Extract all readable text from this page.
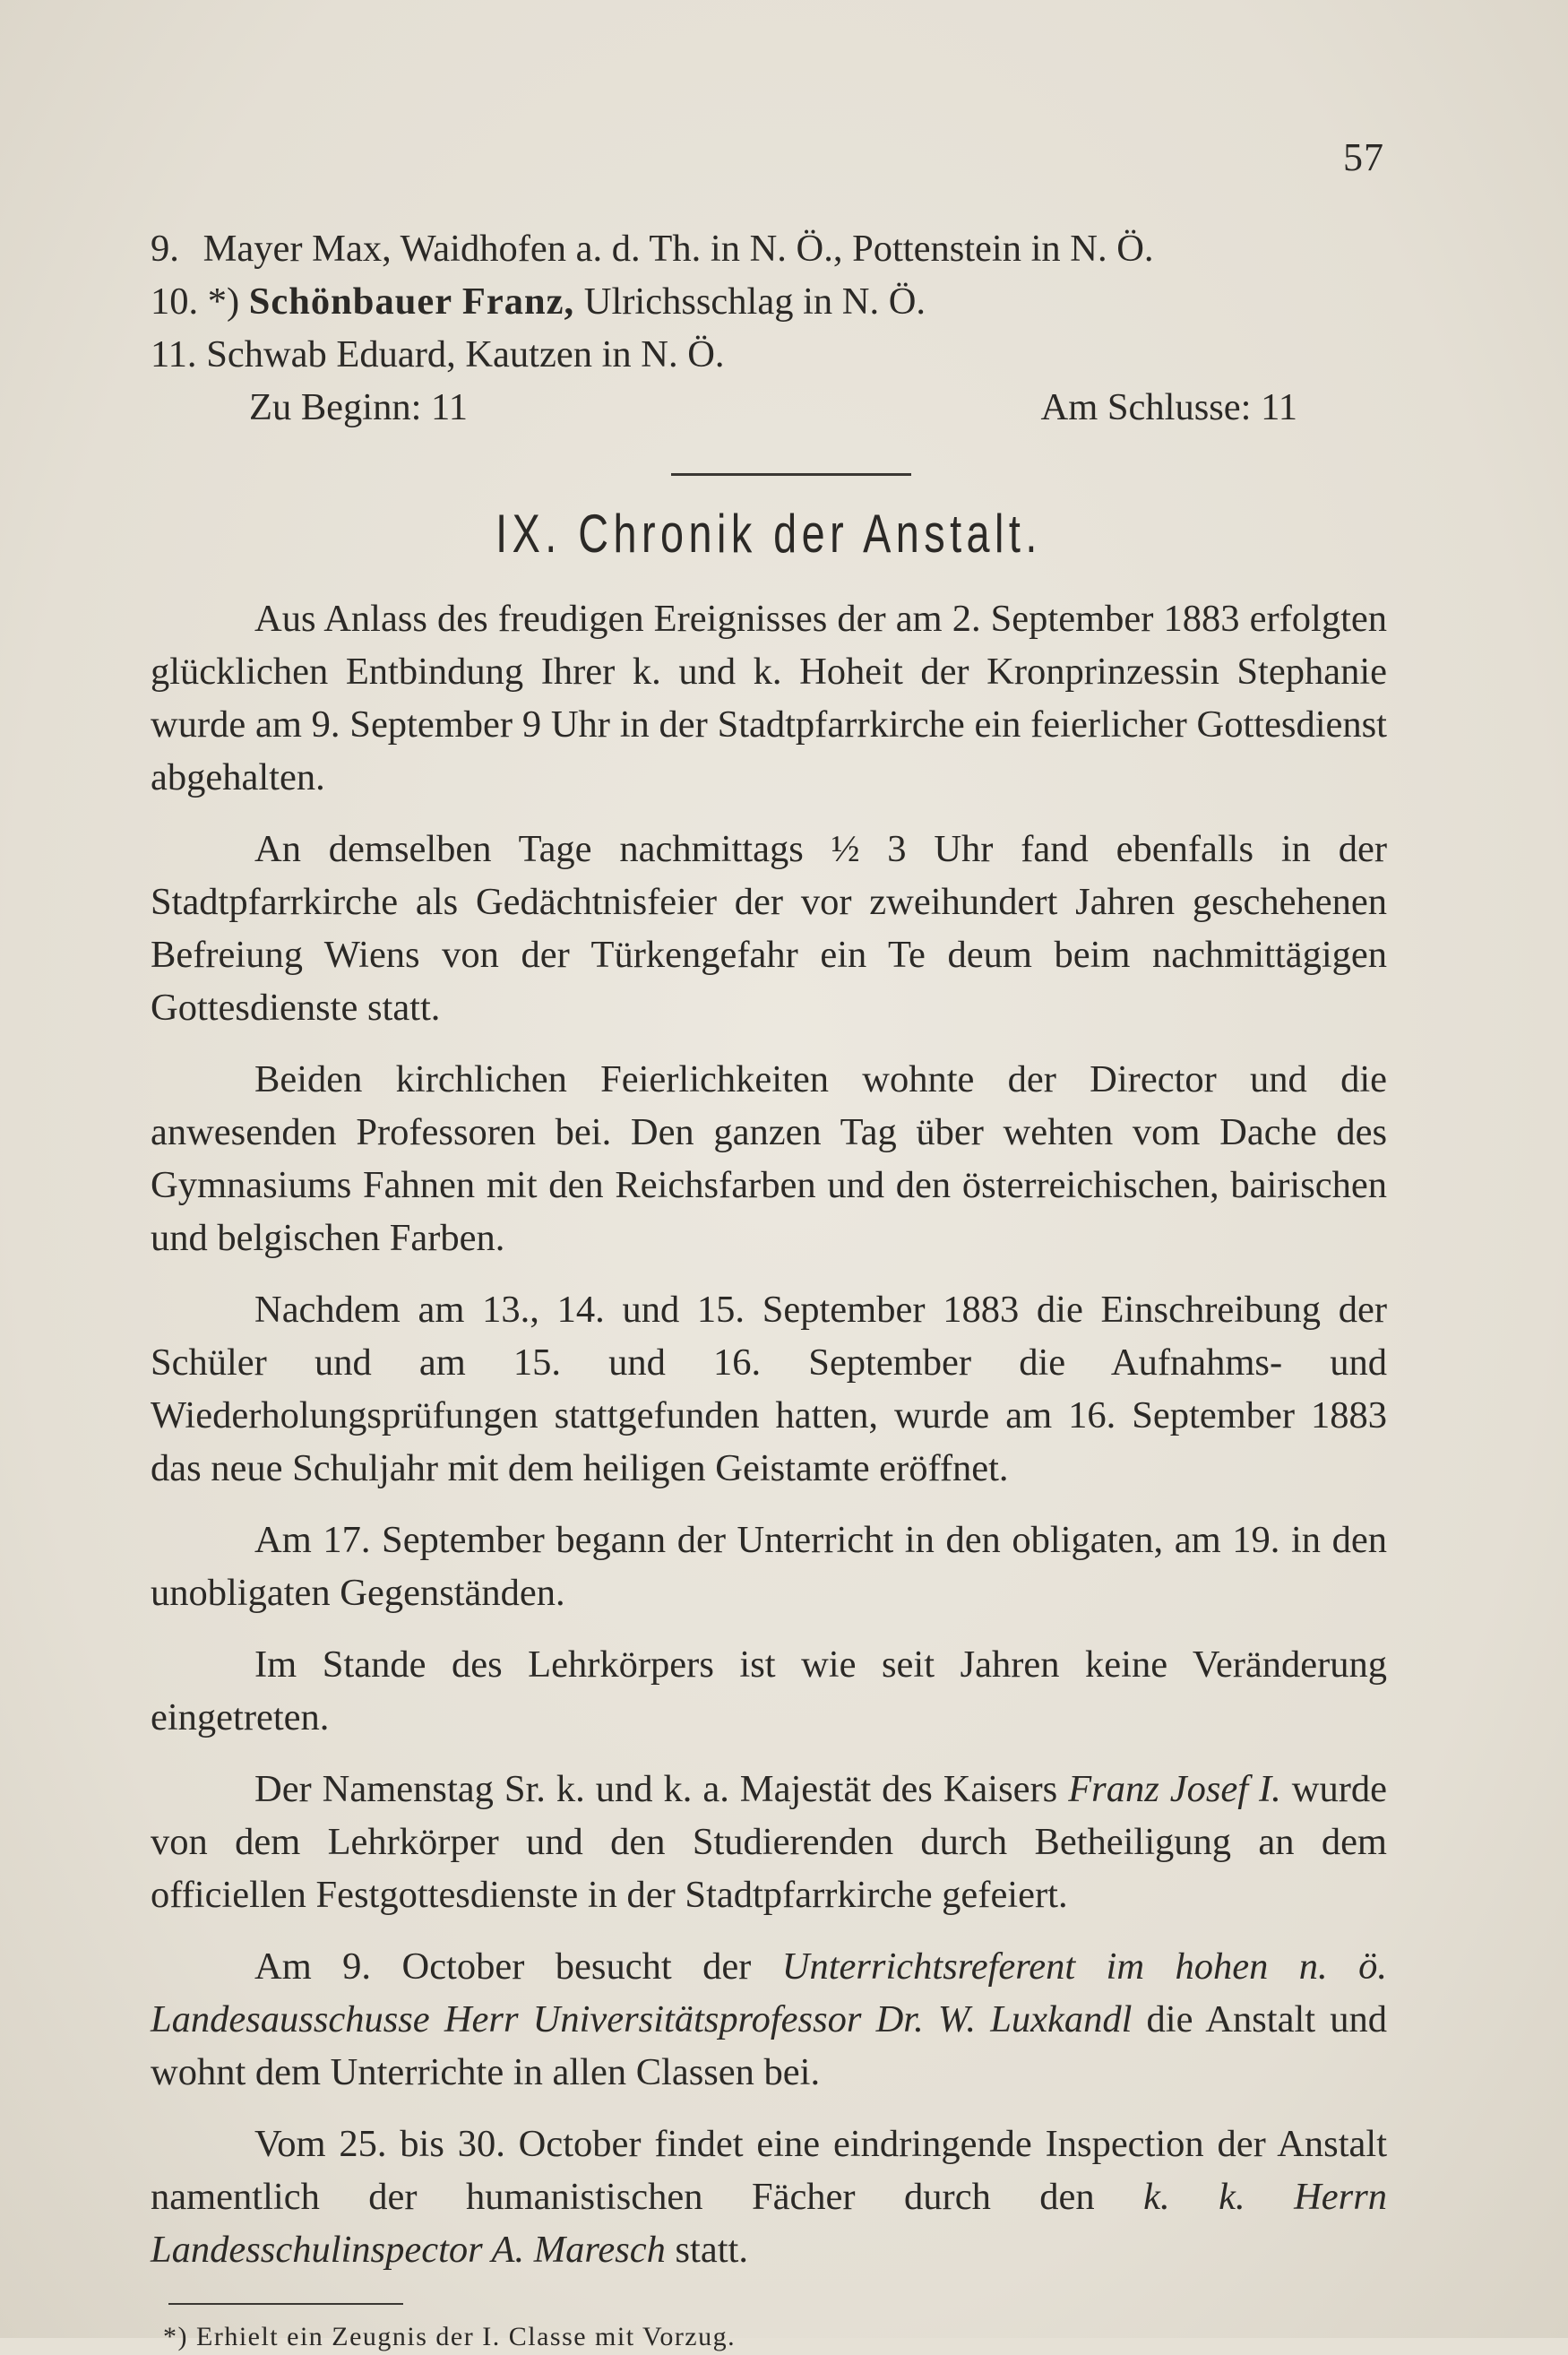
57
9. Mayer Max, Waidhofen a. d. Th. in N. Ö., Pottenstein in N. Ö.
10. *) Schönbauer Franz, Ulrichsschlag in N. Ö.
11. Schwab Eduard, Kautzen in N. Ö.
Zu Beginn: 11	Am Schlusse: 11
IX. Chronik der Anstalt.

Aus Anlass des freudigen Ereignisses der am 2. September 1883 erfolgten glücklichen Entbindung Ihrer k. und k. Hoheit der Kronprinzessin Stephanie wurde am 9. September 9 Uhr in der Stadtpfarrkirche ein feierlicher Gottesdienst abgehalten.

An demselben Tage nachmittags ½ 3 Uhr fand ebenfalls in der Stadtpfarrkirche als Gedächtnisfeier der vor zweihundert Jahren geschehenen Befreiung Wiens von der Türkengefahr ein Te deum beim nachmittägigen Gottesdienste statt.

Beiden kirchlichen Feierlichkeiten wohnte der Director und die anwesenden Professoren bei. Den ganzen Tag über wehten vom Dache des Gymnasiums Fahnen mit den Reichsfarben und den österreichischen, bairischen und belgischen Farben.

Nachdem am 13., 14. und 15. September 1883 die Einschreibung der Schüler und am 15. und 16. September die Aufnahms- und Wiederholungsprüfungen stattgefunden hatten, wurde am 16. September 1883 das neue Schuljahr mit dem heiligen Geistamte eröffnet.

Am 17. September begann der Unterricht in den obligaten, am 19. in den unobligaten Gegenständen.

Im Stande des Lehrkörpers ist wie seit Jahren keine Veränderung eingetreten.

Der Namenstag Sr. k. und k. a. Majestät des Kaisers Franz Josef I. wurde von dem Lehrkörper und den Studierenden durch Betheiligung an dem officiellen Festgottesdienste in der Stadtpfarrkirche gefeiert.

Am 9. October besucht der Unterrichtsreferent im hohen n. ö. Landesausschusse Herr Universitätsprofessor Dr. W. Luxkandl die Anstalt und wohnt dem Unterrichte in allen Classen bei.

Vom 25. bis 30. October findet eine eindringende Inspection der Anstalt namentlich der humanistischen Fächer durch den k. k. Herrn Landesschulinspector A. Maresch statt.

*) Erhielt ein Zeugnis der I. Classe mit Vorzug.
